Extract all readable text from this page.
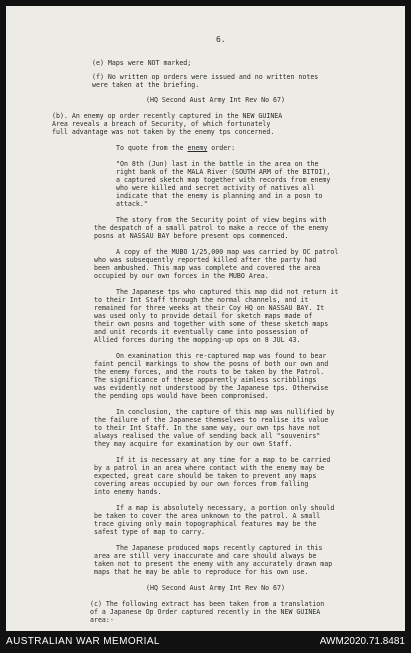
6.
(e) Maps were NOT marked;
(f) No written op orders were issued and no written notes
were taken at the briefing.
(HQ Second Aust Army Int Rev No 67)
(b). An enemy op order recently captured in the NEW GUINEA
Area reveals a breach of Security, of which fortunately
full advantage was not taken by the enemy tps concerned.
To quote from the enemy order:
"On 8th (Jun) last in the battle in the area on the
right bank of the MALA River (SOUTH ARM of the BITOI),
a captured sketch map together with records from enemy
who were killed and secret activity of natives all
indicate that the enemy is planning and in a posn to
attack."
The story from the Security point of view begins with
the despatch of a small patrol to make a recce of the enemy
posns at NASSAU BAY before present ops commenced.
A copy of the MUBO 1/25,000 map was carried by OC patrol
who was subsequently reported killed after the party had
been ambushed. This map was complete and covered the area
occupied by our own forces in the MUBO Area.
The Japanese tps who captured this map did not return it
to their Int Staff through the normal channels, and it
remained for three weeks at their Coy HQ on NASSAU BAY. It
was used only to provide detail for sketch maps made of
their own posns and together with some of these sketch maps
and unit records it eventually came into possession of
Allied forces during the mopping-up ops on 8 JUL 43.
On examination this re-captured map was found to bear
faint pencil markings to show the posns of both our own and
the enemy forces, and the routs to be taken by the Patrol.
The significance of these apparently aimless scribblings
was evidently not understood by the Japanese tps. Otherwise
the pending ops would have been compromised.
In conclusion, the capture of this map was nullified by
the failure of the Japanese themselves to realise its value
to their Int Staff. In the same way, our own tps have not
always realised the value of sending back all "souvenirs"
they may acquire for examination by our own Staff.
If it is necessary at any time for a map to be carried
by a patrol in an area where contact with the enemy may be
expected, great care should be taken to prevent any maps
covering areas occupied by our own forces from falling
into enemy hands.
If a map is absolutely necessary, a portion only should
be taken to cover the area unknown to the patrol. A small
trace giving only main topographical features may be the
safest type of map to carry.
The Japanese produced maps recently captured in this
area are still very inaccurate and care should always be
taken not to present the enemy with any accurately drawn map
maps that he may be able to reproduce for his own use.
(HQ Second Aust Army Int Rev No 67)
(c) The following extract has been taken from a translation
of a Japanese Op Order captured recently in the NEW GUINEA
area:-
AUSTRALIAN WAR MEMORIAL	AWM2020.71.8481
